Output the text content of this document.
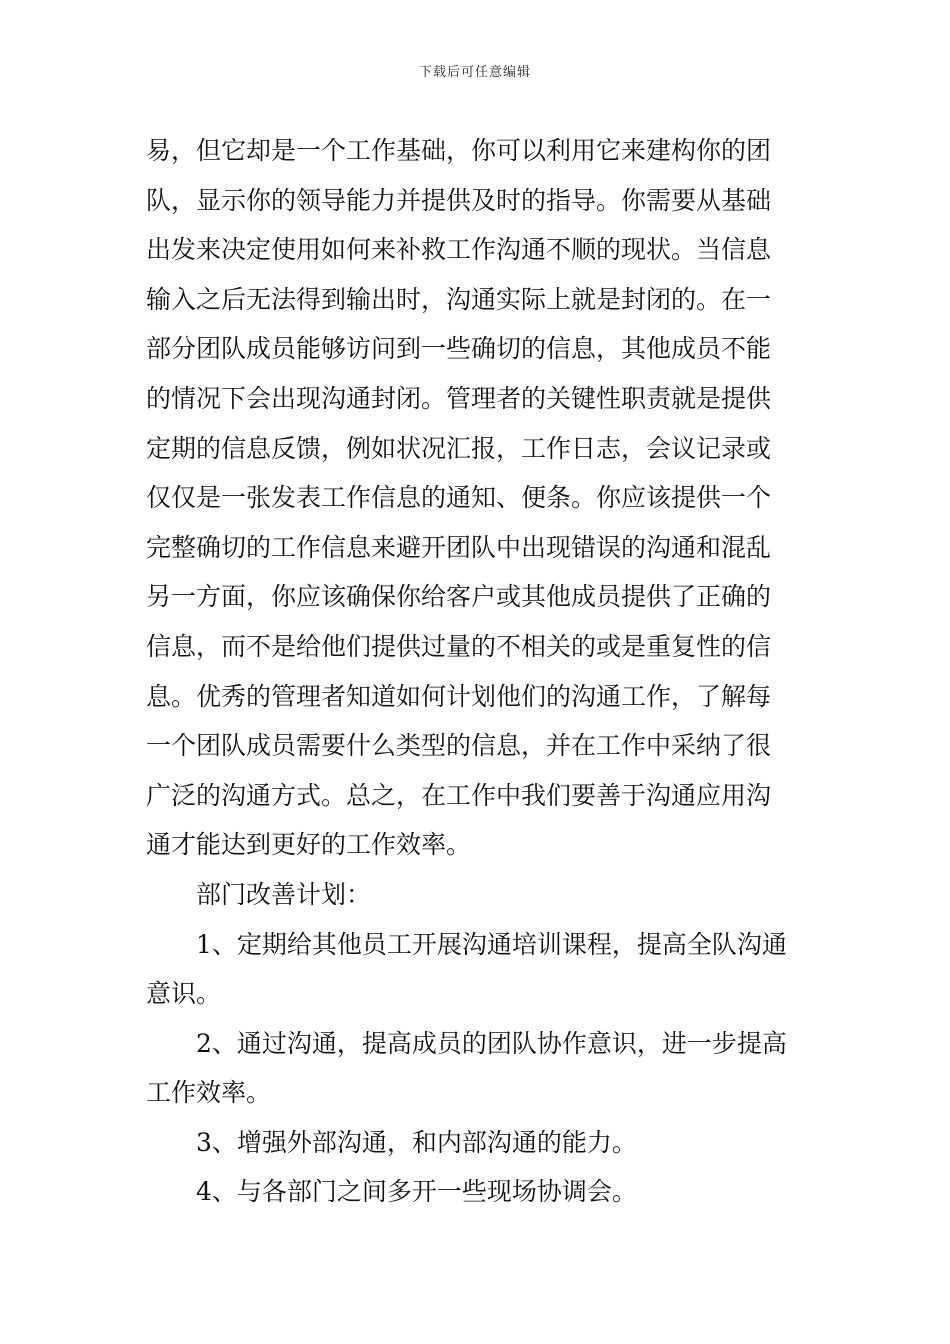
下载后可任意编辑
易，但它却是一个工作基础，你可以利用它来建构你的团
队，显示你的领导能力并提供及时的指导。你需要从基础
出发来决定使用如何来补救工作沟通不顺的现状。当信息
输入之后无法得到输出时，沟通实际上就是封闭的。在一
部分团队成员能够访问到一些确切的信息，其他成员不能
的情况下会出现沟通封闭。管理者的关键性职责就是提供
定期的信息反馈，例如状况汇报，工作日志，会议记录或
仅仅是一张发表工作信息的通知、便条。你应该提供一个
完整确切的工作信息来避开团队中出现错误的沟通和混乱
另一方面，你应该确保你给客户或其他成员提供了正确的
信息，而不是给他们提供过量的不相关的或是重复性的信
息。优秀的管理者知道如何计划他们的沟通工作，了解每
一个团队成员需要什么类型的信息，并在工作中采纳了很
广泛的沟通方式。总之，在工作中我们要善于沟通应用沟
通才能达到更好的工作效率。
部门改善计划：
1、定期给其他员工开展沟通培训课程，提高全队沟通
意识。
2、通过沟通，提高成员的团队协作意识，进一步提高
工作效率。
3、增强外部沟通，和内部沟通的能力。
4、与各部门之间多开一些现场协调会。
